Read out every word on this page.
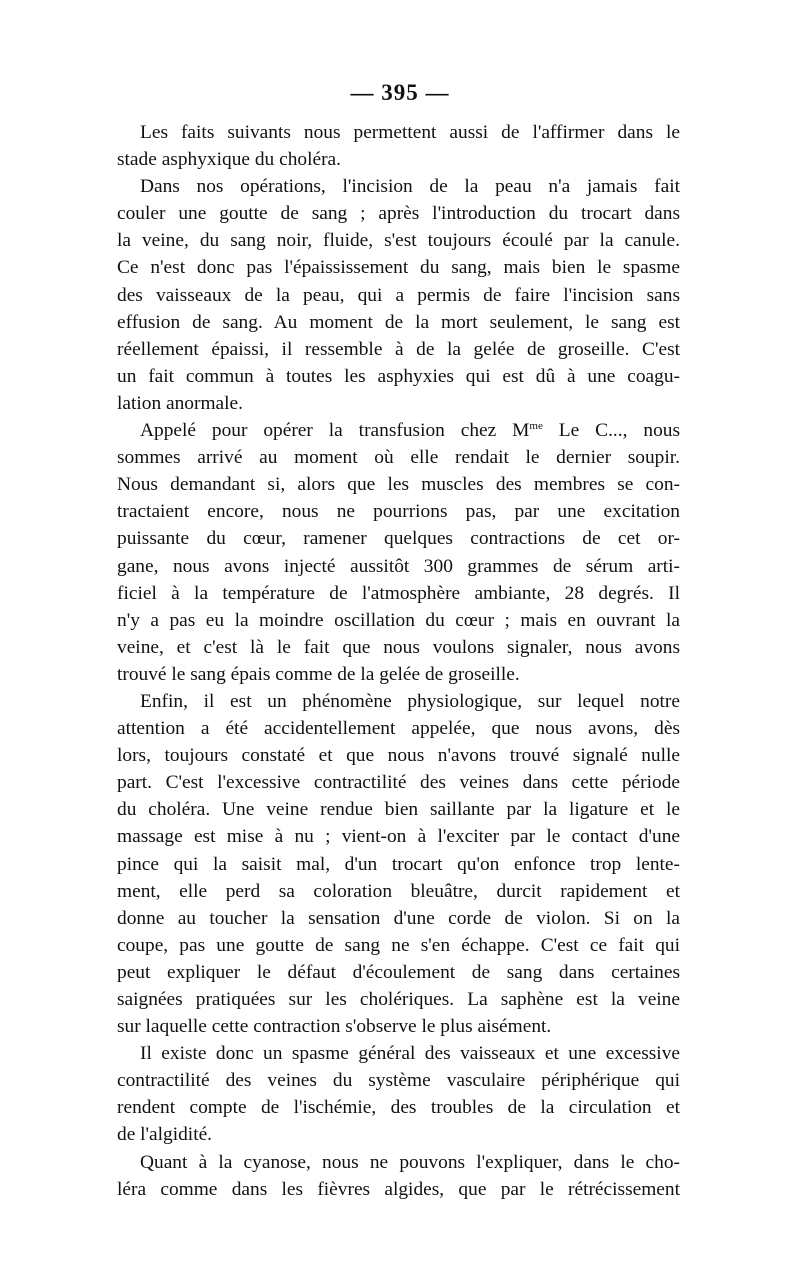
— 395 —
Les faits suivants nous permettent aussi de l'affirmer dans le
stade asphyxique du choléra.
Dans nos opérations, l'incision de la peau n'a jamais fait
couler une goutte de sang ; après l'introduction du trocart dans
la veine, du sang noir, fluide, s'est toujours écoulé par la canule.
Ce n'est donc pas l'épaississement du sang, mais bien le spasme
des vaisseaux de la peau, qui a permis de faire l'incision sans
effusion de sang. Au moment de la mort seulement, le sang est
réellement épaissi, il ressemble à de la gelée de groseille. C'est
un fait commun à toutes les asphyxies qui est dû à une coagu-
lation anormale.
Appelé pour opérer la transfusion chez $M^{me}$ Le C..., nous
sommes arrivé au moment où elle rendait le dernier soupir.
Nous demandant si, alors que les muscles des membres se con-
tractaient encore, nous ne pourrions pas, par une excitation
puissante du cœur, ramener quelques contractions de cet or-
gane, nous avons injecté aussitôt 300 grammes de sérum arti-
ficiel à la température de l'atmosphère ambiante, 28 degrés. Il
n'y a pas eu la moindre oscillation du cœur ; mais en ouvrant la
veine, et c'est là le fait que nous voulons signaler, nous avons
trouvé le sang épais comme de la gelée de groseille.
Enfin, il est un phénomène physiologique, sur lequel notre
attention a été accidentellement appelée, que nous avons, dès
lors, toujours constaté et que nous n'avons trouvé signalé nulle
part. C'est l'excessive contractilité des veines dans cette période
du choléra. Une veine rendue bien saillante par la ligature et le
massage est mise à nu ; vient-on à l'exciter par le contact d'une
pince qui la saisit mal, d'un trocart qu'on enfonce trop lente-
ment, elle perd sa coloration bleuâtre, durcit rapidement et
donne au toucher la sensation d'une corde de violon. Si on la
coupe, pas une goutte de sang ne s'en échappe. C'est ce fait qui
peut expliquer le défaut d'écoulement de sang dans certaines
saignées pratiquées sur les cholériques. La saphène est la veine
sur laquelle cette contraction s'observe le plus aisément.
Il existe donc un spasme général des vaisseaux et une excessive
contractilité des veines du système vasculaire périphérique qui
rendent compte de l'ischémie, des troubles de la circulation et
de l'algidité.
Quant à la cyanose, nous ne pouvons l'expliquer, dans le cho-
léra comme dans les fièvres algides, que par le rétrécissement
